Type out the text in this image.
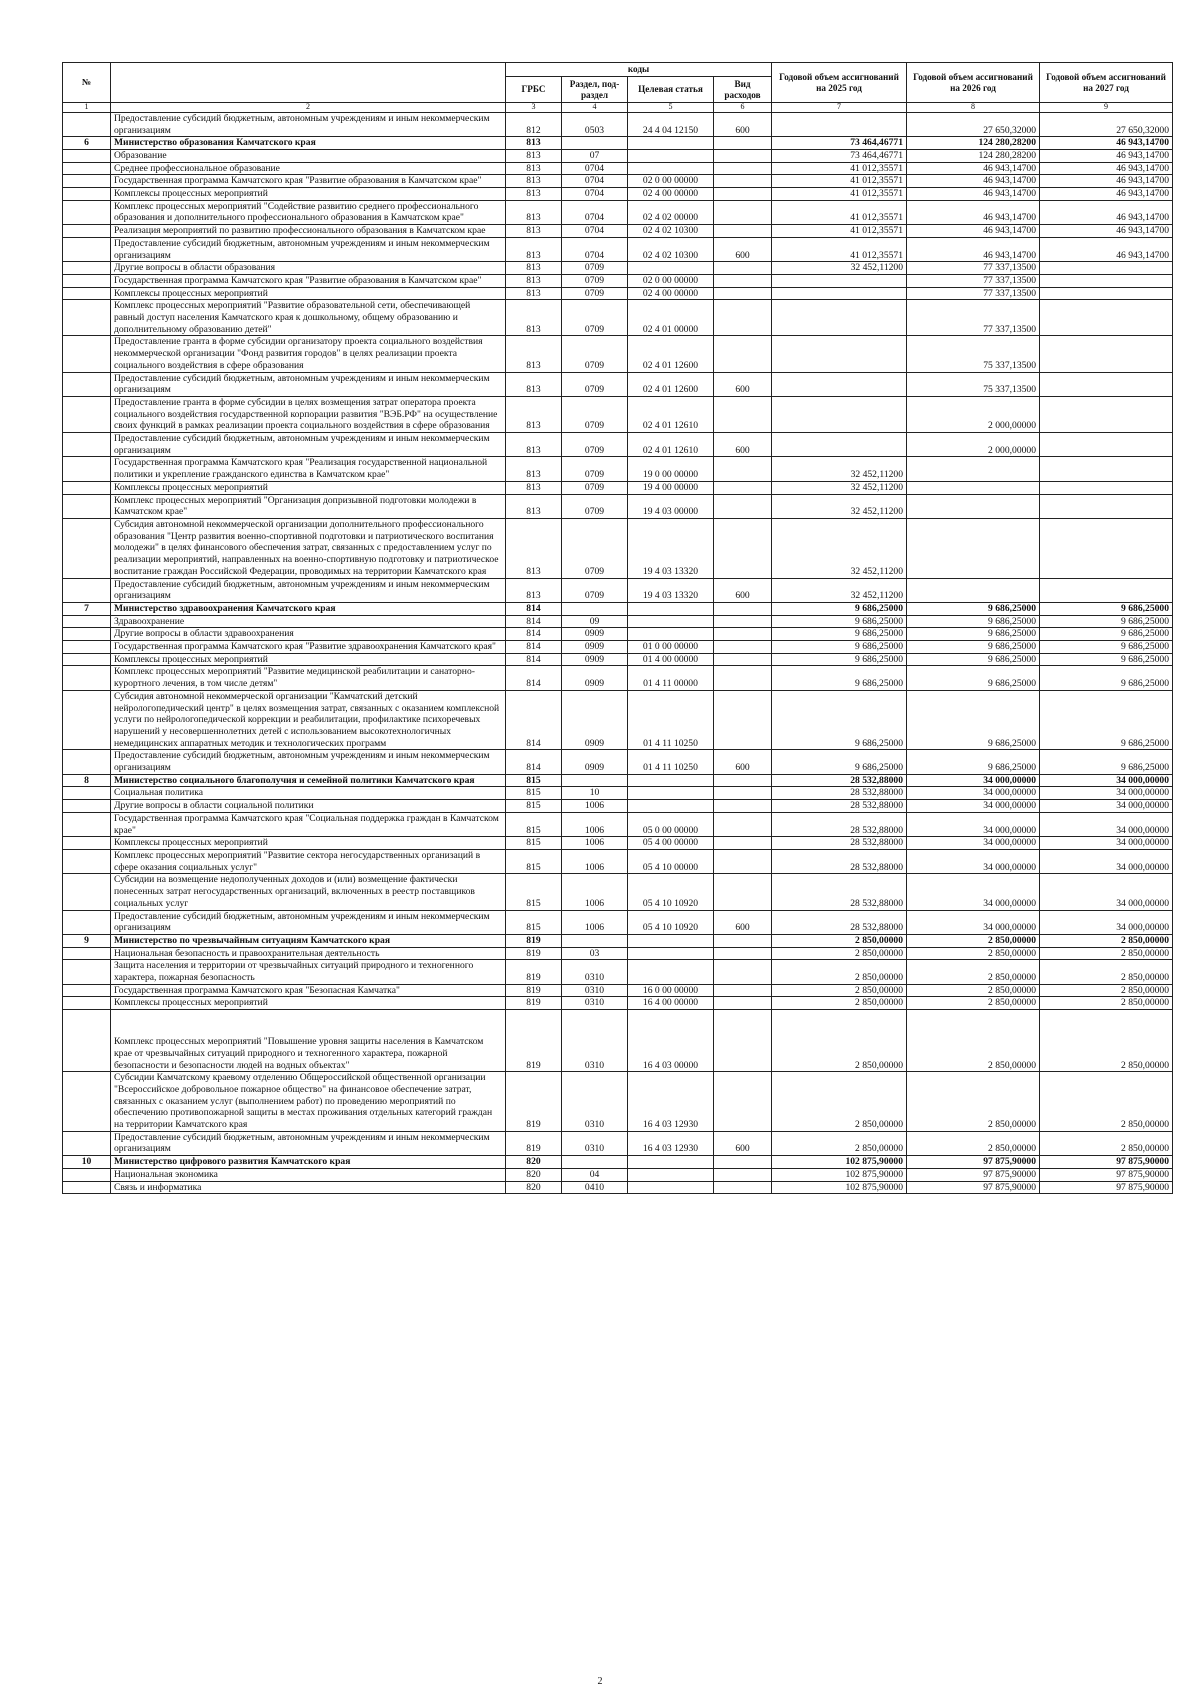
№		коды				Годовой объем ассигнований на 2025 год	Годовой объем ассигнований на 2026 год	Годовой объем ассигнований на 2027 год
		ГРБС	Раздел, под-раздел	Целевая статья	Вид расходов			
1	2	3	4	5	6	7	8	9
	Предоставление субсидий бюджетным, автономным учреждениям и иным некоммерческим организациям	812	0503	24 4 04 12150	600		27 650,32000	27 650,32000
6	Министерство образования Камчатского края	813				73 464,46771	124 280,28200	46 943,14700
	Образование	813	07			73 464,46771	124 280,28200	46 943,14700
	Среднее профессиональное образование	813	0704			41 012,35571	46 943,14700	46 943,14700
	Государственная программа Камчатского края "Развитие образования в Камчатском крае"	813	0704	02 0 00 00000		41 012,35571	46 943,14700	46 943,14700
	Комплексы процессных мероприятий	813	0704	02 4 00 00000		41 012,35571	46 943,14700	46 943,14700
	Комплекс процессных мероприятий "Содействие развитию среднего профессионального образования и дополнительного профессионального образования в Камчатском крае"	813	0704	02 4 02 00000		41 012,35571	46 943,14700	46 943,14700
	Реализация мероприятий по развитию профессионального образования в Камчатском крае	813	0704	02 4 02 10300		41 012,35571	46 943,14700	46 943,14700
	Предоставление субсидий бюджетным, автономным учреждениям и иным некоммерческим организациям	813	0704	02 4 02 10300	600	41 012,35571	46 943,14700	46 943,14700
	Другие вопросы в области образования	813	0709			32 452,11200	77 337,13500	
	Государственная программа Камчатского края "Развитие образования в Камчатском крае"	813	0709	02 0 00 00000			77 337,13500	
	Комплексы процессных мероприятий	813	0709	02 4 00 00000			77 337,13500	
	Комплекс процессных мероприятий "Развитие образовательной сети, обеспечивающей равный доступ населения Камчатского края к дошкольному, общему образованию и дополнительному образованию детей"	813	0709	02 4 01 00000			77 337,13500	
	Предоставление гранта в форме субсидии организатору проекта социального воздействия некоммерческой организации "Фонд развития городов" в целях реализации проекта социального воздействия в сфере образования	813	0709	02 4 01 12600			75 337,13500	
	Предоставление субсидий бюджетным, автономным учреждениям и иным некоммерческим организациям	813	0709	02 4 01 12600	600		75 337,13500	
	Предоставление гранта в форме субсидии в целях возмещения затрат оператора проекта социального воздействия государственной корпорации развития "ВЭБ.РФ" на осуществление своих функций в рамках реализации проекта социального воздействия в сфере образования	813	0709	02 4 01 12610			2 000,00000	
	Предоставление субсидий бюджетным, автономным учреждениям и иным некоммерческим организациям	813	0709	02 4 01 12610	600		2 000,00000	
	Государственная программа Камчатского края "Реализация государственной национальной политики и укрепление гражданского единства в Камчатском крае"	813	0709	19 0 00 00000		32 452,11200		
	Комплексы процессных мероприятий	813	0709	19 4 00 00000		32 452,11200		
	Комплекс процессных мероприятий "Организация допризывной подготовки молодежи в Камчатском крае"	813	0709	19 4 03 00000		32 452,11200		
	Субсидия автономной некоммерческой организации дополнительного профессионального образования "Центр развития военно-спортивной подготовки и патриотического воспитания молодежи" в целях финансового обеспечения затрат, связанных с предоставлением услуг по реализации мероприятий, направленных на военно-спортивную подготовку и патриотическое воспитание граждан Российской Федерации, проводимых на территории Камчатского края	813	0709	19 4 03 13320		32 452,11200		
	Предоставление субсидий бюджетным, автономным учреждениям и иным некоммерческим организациям	813	0709	19 4 03 13320	600	32 452,11200		
7	Министерство здравоохранения Камчатского края	814				9 686,25000	9 686,25000	9 686,25000
	Здравоохранение	814	09			9 686,25000	9 686,25000	9 686,25000
	Другие вопросы в области здравоохранения	814	0909			9 686,25000	9 686,25000	9 686,25000
	Государственная программа Камчатского края "Развитие здравоохранения Камчатского края"	814	0909	01 0 00 00000		9 686,25000	9 686,25000	9 686,25000
	Комплексы процессных мероприятий	814	0909	01 4 00 00000		9 686,25000	9 686,25000	9 686,25000
	Комплекс процессных мероприятий "Развитие медицинской реабилитации и санаторно-курортного лечения, в том числе детям"	814	0909	01 4 11 00000		9 686,25000	9 686,25000	9 686,25000
	Субсидия автономной некоммерческой организации "Камчатский детский нейрологопедический центр" в целях возмещения затрат, связанных с оказанием комплексной услуги по нейрологопедической коррекции и реабилитации, профилактике психоречевых нарушений у несовершеннолетних детей с использованием высокотехнологичных немедицинских аппаратных методик и технологических программ	814	0909	01 4 11 10250		9 686,25000	9 686,25000	9 686,25000
	Предоставление субсидий бюджетным, автономным учреждениям и иным некоммерческим организациям	814	0909	01 4 11 10250	600	9 686,25000	9 686,25000	9 686,25000
8	Министерство социального благополучия и семейной политики Камчатского края	815				28 532,88000	34 000,00000	34 000,00000
	Социальная политика	815	10			28 532,88000	34 000,00000	34 000,00000
	Другие вопросы в области социальной политики	815	1006			28 532,88000	34 000,00000	34 000,00000
	Государственная программа Камчатского края "Социальная поддержка граждан в Камчатском крае"	815	1006	05 0 00 00000		28 532,88000	34 000,00000	34 000,00000
	Комплексы процессных мероприятий	815	1006	05 4 00 00000		28 532,88000	34 000,00000	34 000,00000
	Комплекс процессных мероприятий "Развитие сектора негосударственных организаций в сфере оказания социальных услуг"	815	1006	05 4 10 00000		28 532,88000	34 000,00000	34 000,00000
	Субсидии на возмещение недополученных доходов и (или) возмещение фактически понесенных затрат негосударственных организаций, включенных в реестр поставщиков социальных услуг	815	1006	05 4 10 10920		28 532,88000	34 000,00000	34 000,00000
	Предоставление субсидий бюджетным, автономным учреждениям и иным некоммерческим организациям	815	1006	05 4 10 10920	600	28 532,88000	34 000,00000	34 000,00000
9	Министерство по чрезвычайным ситуациям Камчатского края	819				2 850,00000	2 850,00000	2 850,00000
	Национальная безопасность и правоохранительная деятельность	819	03			2 850,00000	2 850,00000	2 850,00000
	Защита населения и территории от чрезвычайных ситуаций природного и техногенного характера, пожарная безопасность	819	0310			2 850,00000	2 850,00000	2 850,00000
	Государственная программа Камчатского края "Безопасная Камчатка"	819	0310	16 0 00 00000		2 850,00000	2 850,00000	2 850,00000
	Комплексы процессных мероприятий	819	0310	16 4 00 00000		2 850,00000	2 850,00000	2 850,00000
	Комплекс процессных мероприятий "Повышение уровня защиты населения в Камчатском крае от чрезвычайных ситуаций природного и техногенного характера, пожарной безопасности и безопасности людей на водных объектах"	819	0310	16 4 03 00000		2 850,00000	2 850,00000	2 850,00000
	Субсидии Камчатскому краевому отделению Общероссийской общественной организации "Всероссийское добровольное пожарное общество" на финансовое обеспечение затрат, связанных с оказанием услуг (выполнением работ) по проведению мероприятий по обеспечению противопожарной защиты в местах проживания отдельных категорий граждан на территории Камчатского края	819	0310	16 4 03 12930		2 850,00000	2 850,00000	2 850,00000
	Предоставление субсидий бюджетным, автономным учреждениям и иным некоммерческим организациям	819	0310	16 4 03 12930	600	2 850,00000	2 850,00000	2 850,00000
10	Министерство цифрового развития Камчатского края	820				102 875,90000	97 875,90000	97 875,90000
	Национальная экономика	820	04			102 875,90000	97 875,90000	97 875,90000
	Связь и информатика	820	0410			102 875,90000	97 875,90000	97 875,90000
2
